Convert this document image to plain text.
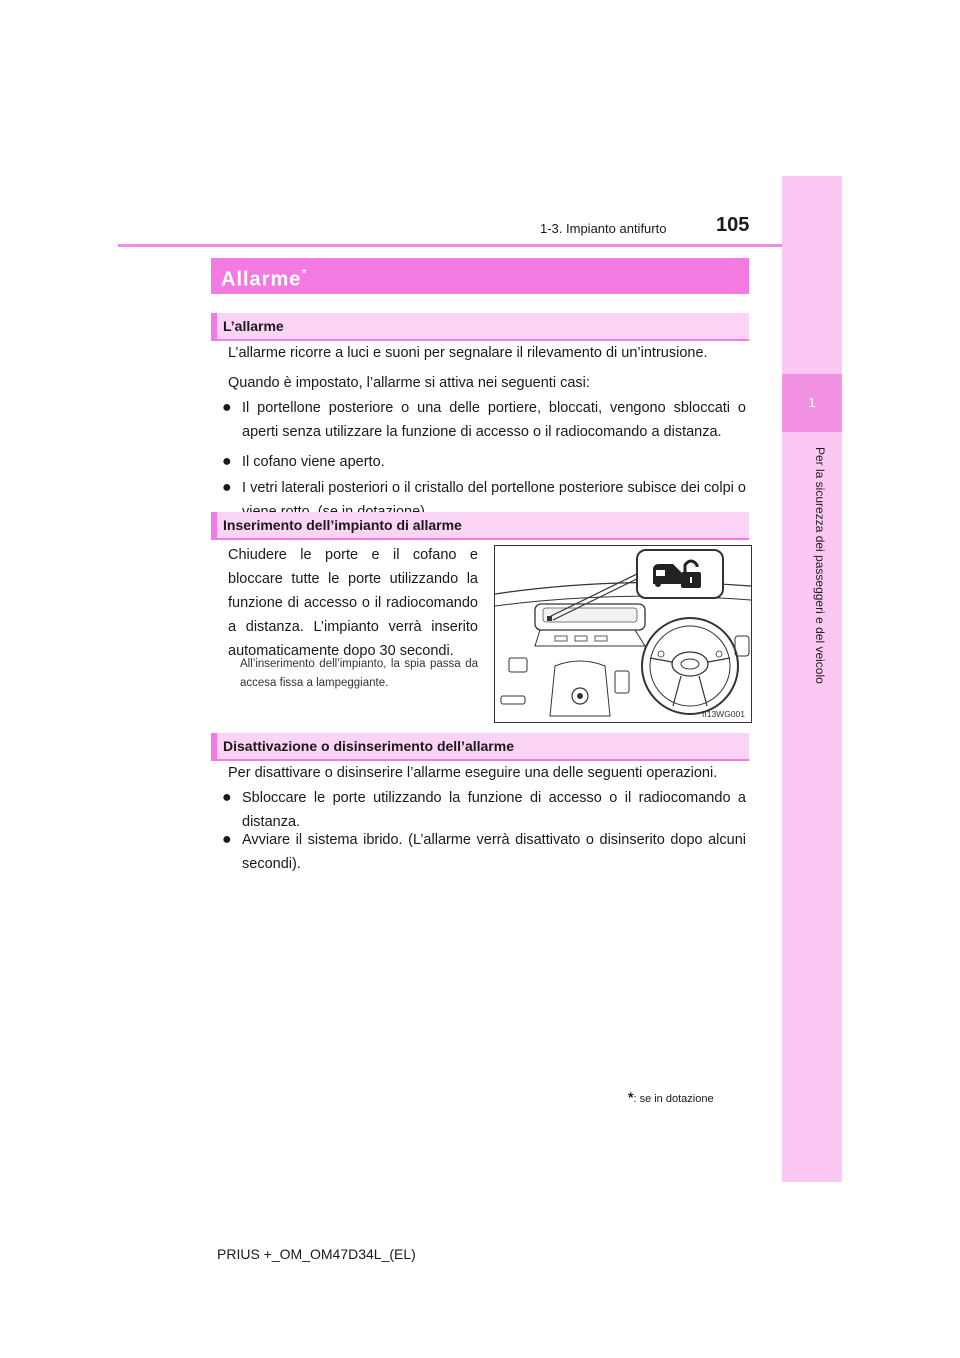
1-3. Impianto antifurto 105
1
Per la sicurezza dei passeggeri e del veicolo
Allarme*
L’allarme
L’allarme ricorre a luci e suoni per segnalare il rilevamento di un’intrusione.
Quando è impostato, l’allarme si attiva nei seguenti casi:
● Il portellone posteriore o una delle portiere, bloccati, vengono sbloccati o aperti senza utilizzare la funzione di accesso o il radiocomando a distanza.
● Il cofano viene aperto.
● I vetri laterali posteriori o il cristallo del portellone posteriore subisce dei colpi o
Inserimento dell’impianto di allarme
Chiudere le porte e il cofano e bloccare tutte le porte utilizzando la funzione di accesso o il radiocomando a distanza. L’impianto verrà inserito automaticamente dopo 30 secondi.
All’inserimento dell’impianto, la spia passa da accesa fissa a lampeggiante.
II13WG001
Disattivazione o disinserimento dell’allarme
Per disattivare o disinserire l’allarme eseguire una delle seguenti operazioni.
● Sbloccare le porte utilizzando la funzione di accesso o il radiocomando a distanza.
● Avviare il sistema ibrido. (L’allarme verrà disattivato o disinserito dopo alcuni secondi).
*: se in dotazione
PRIUS +_OM_OM47D34L_(EL)
